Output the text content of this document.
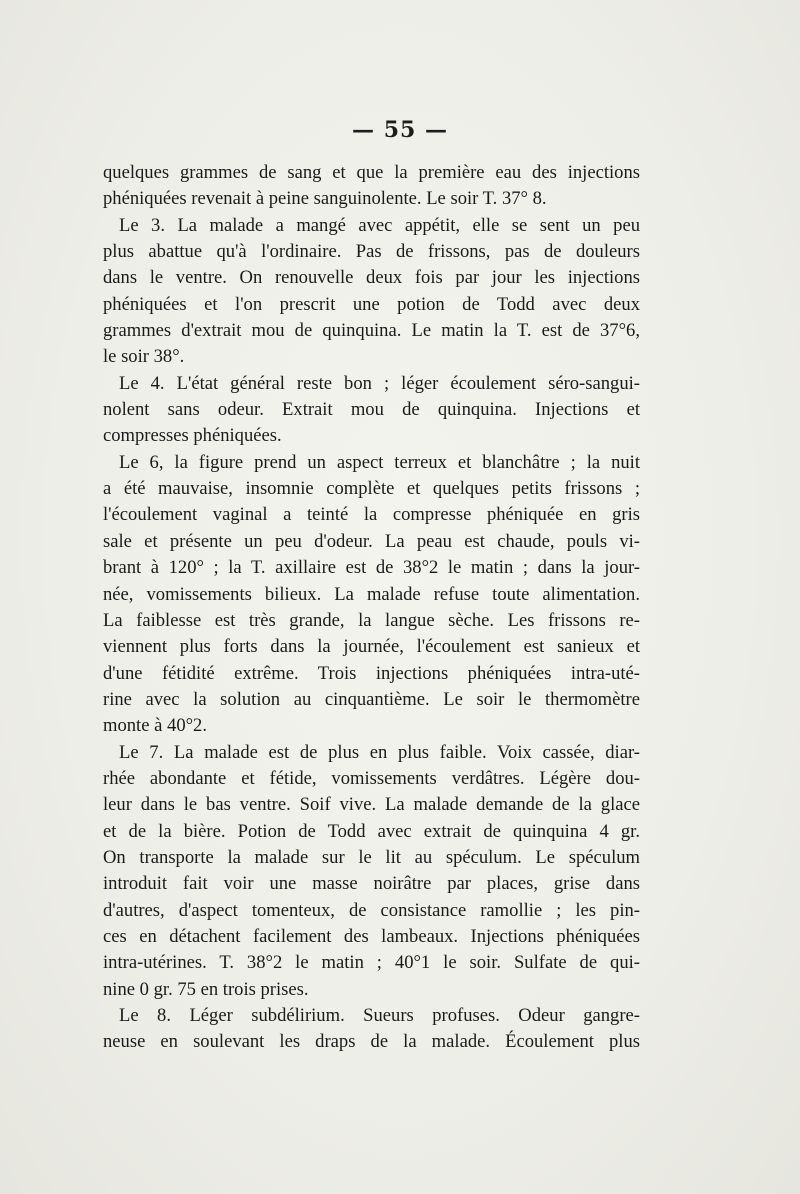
— 55 —
quelques grammes de sang et que la première eau des injections
phéniquées revenait à peine sanguinolente. Le soir T. 37° 8.
Le 3. La malade a mangé avec appétit, elle se sent un peu
plus abattue qu'à l'ordinaire. Pas de frissons, pas de douleurs
dans le ventre. On renouvelle deux fois par jour les injections
phéniquées et l'on prescrit une potion de Todd avec deux
grammes d'extrait mou de quinquina. Le matin la T. est de 37°6,
le soir 38°.
Le 4. L'état général reste bon ; léger écoulement séro-sangui-
nolent sans odeur. Extrait mou de quinquina. Injections et
compresses phéniquées.
Le 6, la figure prend un aspect terreux et blanchâtre ; la nuit
a été mauvaise, insomnie complète et quelques petits frissons ;
l'écoulement vaginal a teinté la compresse phéniquée en gris
sale et présente un peu d'odeur. La peau est chaude, pouls vi-
brant à 120° ; la T. axillaire est de 38°2 le matin ; dans la jour-
née, vomissements bilieux. La malade refuse toute alimentation.
La faiblesse est très grande, la langue sèche. Les frissons re-
viennent plus forts dans la journée, l'écoulement est sanieux et
d'une fétidité extrême. Trois injections phéniquées intra-uté-
rine avec la solution au cinquantième. Le soir le thermomètre
monte à 40°2.
Le 7. La malade est de plus en plus faible. Voix cassée, diar-
rhée abondante et fétide, vomissements verdâtres. Légère dou-
leur dans le bas ventre. Soif vive. La malade demande de la glace
et de la bière. Potion de Todd avec extrait de quinquina 4 gr.
On transporte la malade sur le lit au spéculum. Le spéculum
introduit fait voir une masse noirâtre par places, grise dans
d'autres, d'aspect tomenteux, de consistance ramollie ; les pin-
ces en détachent facilement des lambeaux. Injections phéniquées
intra-utérines. T. 38°2 le matin ; 40°1 le soir. Sulfate de qui-
nine 0 gr. 75 en trois prises.
Le 8. Léger subdélirium. Sueurs profuses. Odeur gangre-
neuse en soulevant les draps de la malade. Écoulement plus
